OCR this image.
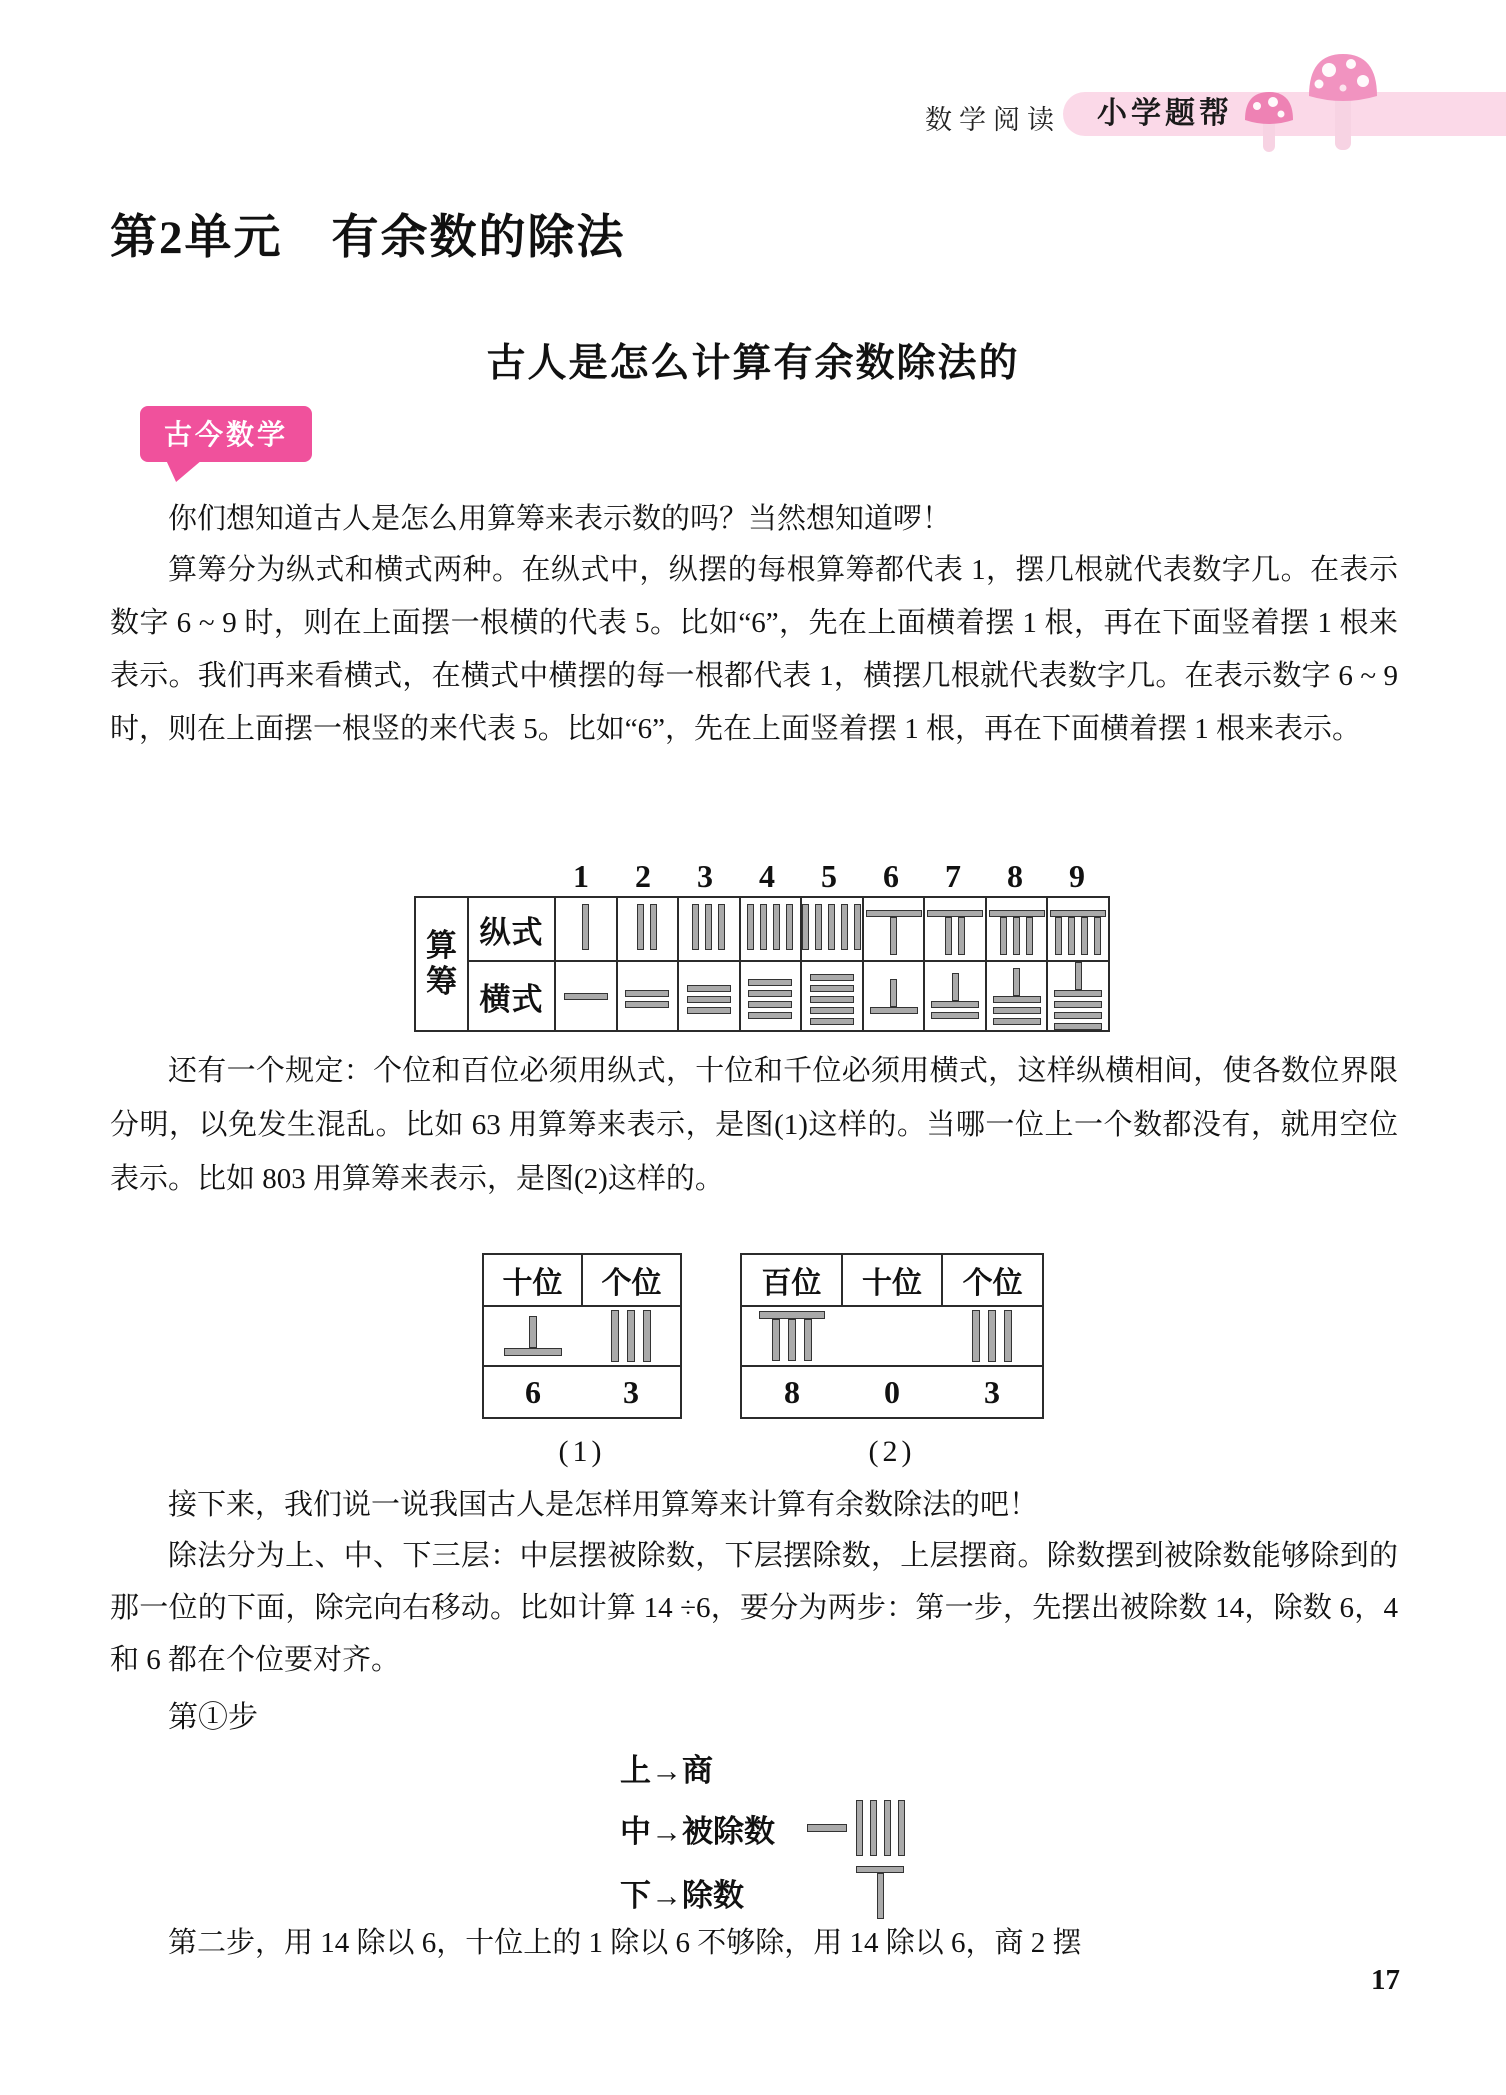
数学阅读 小学题帮
第2单元　有余数的除法
古人是怎么计算有余数除法的
古今数学
你们想知道古人是怎么用算筹来表示数的吗？当然想知道啰！
算筹分为纵式和横式两种。在纵式中，纵摆的每根算筹都代表 1，摆几根就代表数字几。在表示数字 6 ~ 9 时，则在上面摆一根横的代表 5。比如“6”，先在上面横着摆 1 根，再在下面竖着摆 1 根来表示。我们再来看横式，在横式中横摆的每一根都代表 1，横摆几根就代表数字几。在表示数字 6 ~ 9 时，则在上面摆一根竖的来代表 5。比如“6”，先在上面竖着摆 1 根，再在下面横着摆 1 根来表示。
1	2	3	4	5	6	7	8	9
算
筹	纵式	

	横式	

还有一个规定：个位和百位必须用纵式，十位和千位必须用横式，这样纵横相间，使各数位界限分明，以免发生混乱。比如 63 用算筹来表示，是图(1)这样的。当哪一位上一个数都没有，就用空位表示。比如 803 用算筹来表示，是图(2)这样的。
十位	个位

6	3
(1)
百位	十位	个位

8	0	3
(2)
接下来，我们说一说我国古人是怎样用算筹来计算有余数除法的吧！
除法分为上、中、下三层：中层摆被除数，下层摆除数，上层摆商。除数摆到被除数能够除到的那一位的下面，除完向右移动。比如计算 14 ÷6，要分为两步：第一步，先摆出被除数 14，除数 6，4 和 6 都在个位要对齐。
第①步
上→商
中→被除数
下→除数
第二步，用 14 除以 6，十位上的 1 除以 6 不够除，用 14 除以 6，商 2 摆
17
